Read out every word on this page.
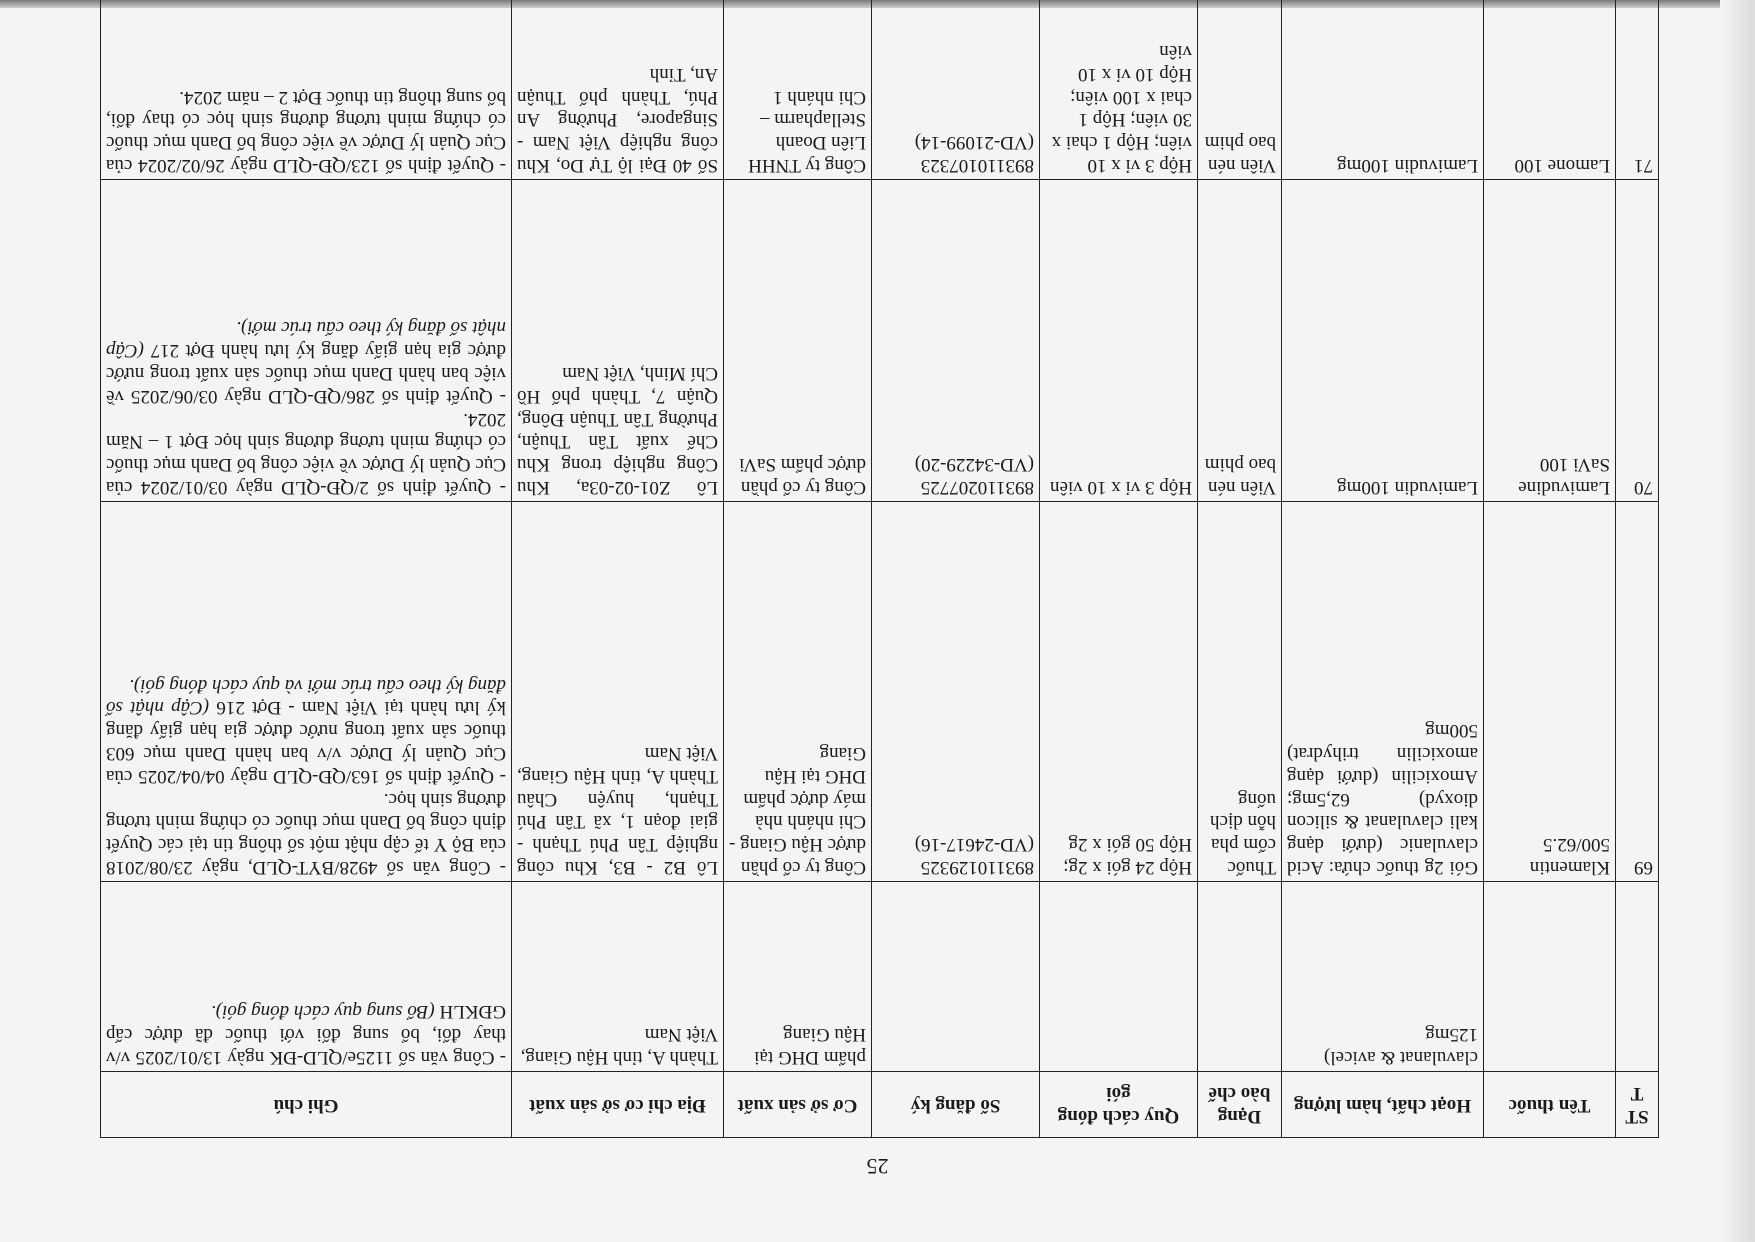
25
STT	Tên thuốc	Hoạt chất, hàm lượng	Dạng bào chế	Quy cách đóng gói	Số đăng ký	Cơ sở sản xuất	Địa chỉ cơ sở sản xuất	Ghi chú
		clavulanat & avicel) 125mg				phẩm DHG tại Hậu Giang	Thành A, tỉnh Hậu Giang, Việt Nam	- Công văn số 1125e/QLD-ĐK ngày 13/01/2025 v/v thay đổi, bổ sung đối với thuốc đã được cấp GĐKLH (Bổ sung quy cách đóng gói).
69	Klamentin 500/62.5	Gói 2g thuốc chứa: Acid clavulanic (dưới dạng kali clavulanat & silicon dioxyd) 62,5mg; Amoxicilin (dưới dạng amoxicilin trihydrat) 500mg	Thuốc cốm pha hỗn dịch uống	Hộp 24 gói x 2g; Hộp 50 gói x 2g	893110129325 (VD-24617-16)	Công ty cổ phần dược Hậu Giang - Chi nhánh nhà máy dược phẩm DHG tại Hậu Giang	Lô B2 - B3, Khu công nghiệp Tân Phú Thạnh - giai đoạn 1, xã Tân Phú Thạnh, huyện Châu Thành A, tỉnh Hậu Giang, Việt Nam	- Công văn số 4928/BYT-QLD, ngày 23/08/2018 của Bộ Y tế cập nhật một số thông tin tại các Quyết định công bố Danh mục thuốc có chứng minh tương đương sinh học.
- Quyết định số 163/QĐ-QLD ngày 04/04/2025 của Cục Quản lý Dược v/v ban hành Danh mục 603 thuốc sản xuất trong nước được gia hạn giấy đăng ký lưu hành tại Việt Nam - Đợt 216 (Cập nhật số đăng ký theo cấu trúc mới và quy cách đóng gói).

70	Lamivudine SaVi 100	Lamivudin 100mg	Viên nén bao phim	Hộp 3 vỉ x 10 viên	893110207725 (VD-34229-20)	Công ty cổ phần dược phẩm SaVi	Lô Z01-02-03a, Khu Công nghiệp trong Khu Chế xuất Tân Thuận, Phường Tân Thuận Đông, Quận 7, Thành phố Hồ Chí Minh, Việt Nam	- Quyết định số 2/QĐ-QLD ngày 03/01/2024 của Cục Quản lý Dược về việc công bố Danh mục thuốc có chứng minh tương đương sinh học Đợt 1 – Năm 2024.
- Quyết định số 286/QĐ-QLD ngày 03/06/2025 về việc ban hành Danh mục thuốc sản xuất trong nước được gia hạn giấy đăng ký lưu hành Đợt 217 (Cập nhật số đăng ký theo cấu trúc mới).

71	Lamone 100	Lamivudin 100mg	Viên nén bao phim	Hộp 3 vỉ x 10 viên; Hộp 1 chai x 30 viên; Hộp 1 chai x 100 viên; Hộp 10 vỉ x 10 viên	893110107323 (VD-21099-14)	Công ty TNHH Liên Doanh Stellapharm – Chi nhánh 1	Số 40 Đại lộ Tự Do, Khu công nghiệp Việt Nam - Singapore, Phường An Phú, Thành phố Thuận An, Tỉnh	- Quyết định số 123/QĐ-QLD ngày 26/02/2024 của Cục Quản lý Dược về việc công bố Danh mục thuốc có chứng minh tương đương sinh học có thay đổi, bổ sung thông tin thuốc Đợt 2 – năm 2024.
